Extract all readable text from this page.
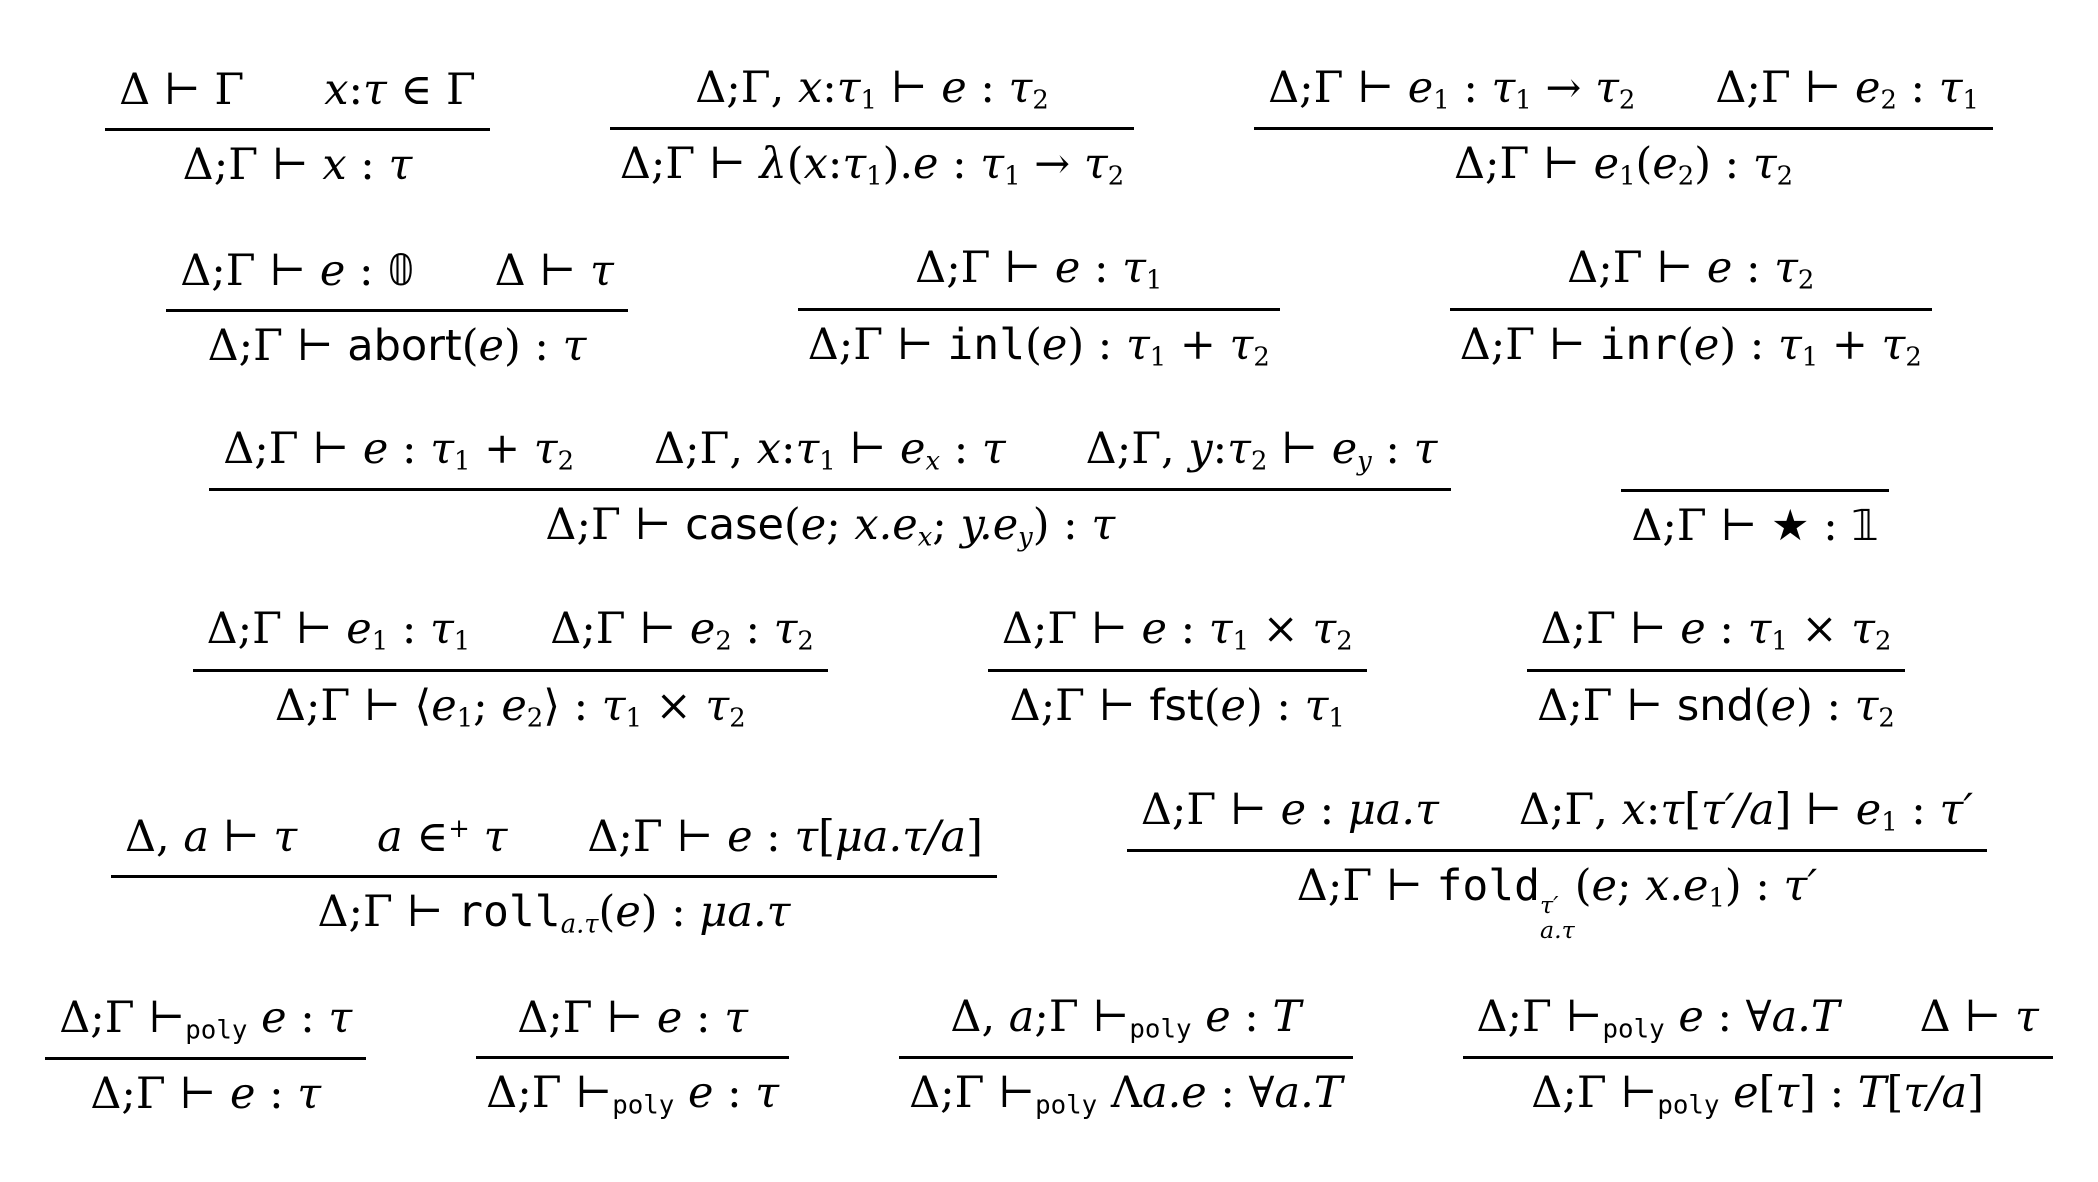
Δ ⊢ Γ x:τ ∈ Γ
Δ;Γ ⊢ x : τ
Δ;Γ, $x:\tau_1$ ⊢ e : $\tau_2$
Δ;Γ ⊢ $\lambda(x:\tau_1).e$ : $\tau_1 \to \tau_2$
Δ;Γ ⊢ $e_1$ : $\tau_1 \to \tau_2$ Δ;Γ ⊢ $e_2$ : $\tau_1$
Δ;Γ ⊢ $e_1(e_2)$ : $\tau_2$
Δ;Γ ⊢ e : 𝟘 Δ ⊢ τ
Δ;Γ ⊢ abort(e) : τ
Δ;Γ ⊢ e : $\tau_1$
Δ;Γ ⊢ inl(e) : $\tau_1 + \tau_2$
Δ;Γ ⊢ e : $\tau_2$
Δ;Γ ⊢ inr(e) : $\tau_1 + \tau_2$
Δ;Γ ⊢ e : $\tau_1 + \tau_2$ Δ;Γ, $x:\tau_1$ ⊢ $e_x$ : τ Δ;Γ, $y:\tau_2$ ⊢ $e_y$ : τ
Δ;Γ ⊢ case(e; $x.e_x$; $y.e_y$) : τ	Δ;Γ ⊢ ★ : 𝟙
Δ;Γ ⊢ $e_1$ : $\tau_1$ Δ;Γ ⊢ $e_2$ : $\tau_2$
Δ;Γ ⊢ $⟨e_1$; $e_2⟩$ : $\tau_1 \times \tau_2$
Δ;Γ ⊢ e : $\tau_1 \times \tau_2$
Δ;Γ ⊢ fst(e) : $\tau_1$
Δ;Γ ⊢ e : $\tau_1 \times \tau_2$
Δ;Γ ⊢ snd(e) : $\tau_2$
Δ, a ⊢ τ a ∈+ τ Δ;Γ ⊢ e : τ[μa.τ/a]
Δ;Γ ⊢ roll$_{a.\tau}$(e) : μa.τ
Δ;Γ ⊢ e : μa.τ Δ;Γ, x:τ[τ′/a] ⊢ $e_1$ : τ′
Δ;Γ ⊢ fold τ′
a.τ
(e; $x.e_1$) : τ′
Δ;Γ $⊢_{poly}$ e : τ
Δ;Γ ⊢ e : τ
Δ;Γ ⊢ e : τ
Δ;Γ $⊢_{poly}$ e : τ
Δ, a;Γ $⊢_{poly}$ e : T
Δ;Γ $⊢_{poly}$ Λa.e : ∀a.T
Δ;Γ $⊢_{poly}$ e : ∀a.T Δ ⊢ τ
Δ;Γ $⊢_{poly}$ e[τ] : T[τ/a]
